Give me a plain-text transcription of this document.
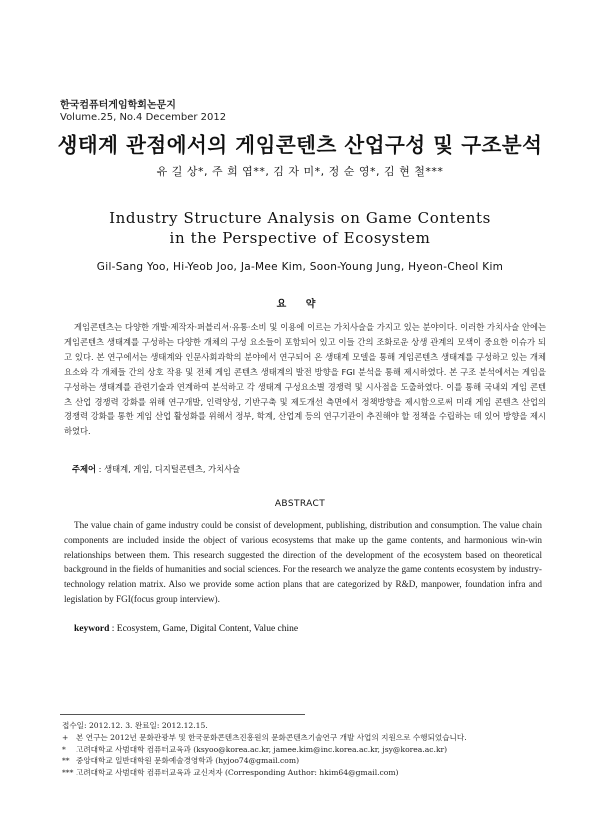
한국컴퓨터게임학회논문지
Volume.25, No.4 December 2012
생태계 관점에서의 게임콘텐츠 산업구성 및 구조분석
유 길 상*, 주 희 엽**, 김 자 미*, 정 순 영*, 김 현 철***
Industry Structure Analysis on Game Contents
in the Perspective of Ecosystem
Gil-Sang Yoo, Hi-Yeob Joo, Ja-Mee Kim, Soon-Young Jung, Hyeon-Cheol Kim
요 약

게임콘텐츠는 다양한 개발·제작자·퍼블리셔·유통·소비 및 이용에 이르는 가치사슬을 가지고 있는 분야이다. 이러한 가치사슬 안에는 게임콘텐츠 생태계를 구성하는 다양한 개체의 구성 요소들이 포함되어 있고 이들 간의 조화로운 상생 관계의 모색이 중요한 이슈가 되고 있다. 본 연구에서는 생태계와 인문사회과학의 분야에서 연구되어 온 생태계 모델을 통해 게임콘텐츠 생태계를 구성하고 있는 개체 요소와 각 개체들 간의 상호 작용 및 전체 게임 콘텐츠 생태계의 발전 방향을 FGI 분석을 통해 제시하였다. 본 구조 분석에서는 게임을 구성하는 생태계를 관련기술과 연계하여 분석하고 각 생태계 구성요소별 경쟁력 및 시사점을 도출하였다. 이를 통해 국내외 게임 콘텐츠 산업 경쟁력 강화를 위해 연구개발, 인력양성, 기반구축 및 제도개선 측면에서 정책방향을 제시함으로써 미래 게임 콘텐츠 산업의 경쟁력 강화를 통한 게임 산업 활성화를 위해서 정부, 학계, 산업계 등의 연구기관이 추진해야 할 정책을 수립하는 데 있어 방향을 제시하였다.

주제어 : 생태계, 게임, 디지털콘텐츠, 가치사슬
ABSTRACT

The value chain of game industry could be consist of development, publishing, distribution and consumption. The value chain components are included inside the object of various ecosystems that make up the game contents, and harmonious win-win relationships between them. This research suggested the direction of the development of the ecosystem based on theoretical background in the fields of humanities and social sciences. For the research we analyze the game contents ecosystem by industry-technology relation matrix. Also we provide some action plans that are categorized by R&D, manpower, foundation infra and legislation by FGI(focus group interview).

keyword : Ecosystem, Game, Digital Content, Value chine
접수일: 2012.12. 3. 완료일: 2012.12.15.
+ 본 연구는 2012년 문화관광부 및 한국문화콘텐츠진흥원의 문화콘텐츠기술연구 개발 사업의 지원으로 수행되었습니다.
* 고려대학교 사범대학 컴퓨터교육과 (ksyoo@korea.ac.kr, jamee.kim@inc.korea.ac.kr, jsy@korea.ac.kr)
** 중앙대학교 일반대학원 문화예술경영학과 (hyjoo74@gmail.com)
*** 고려대학교 사범대학 컴퓨터교육과 교신저자 (Corresponding Author: hkim64@gmail.com)
